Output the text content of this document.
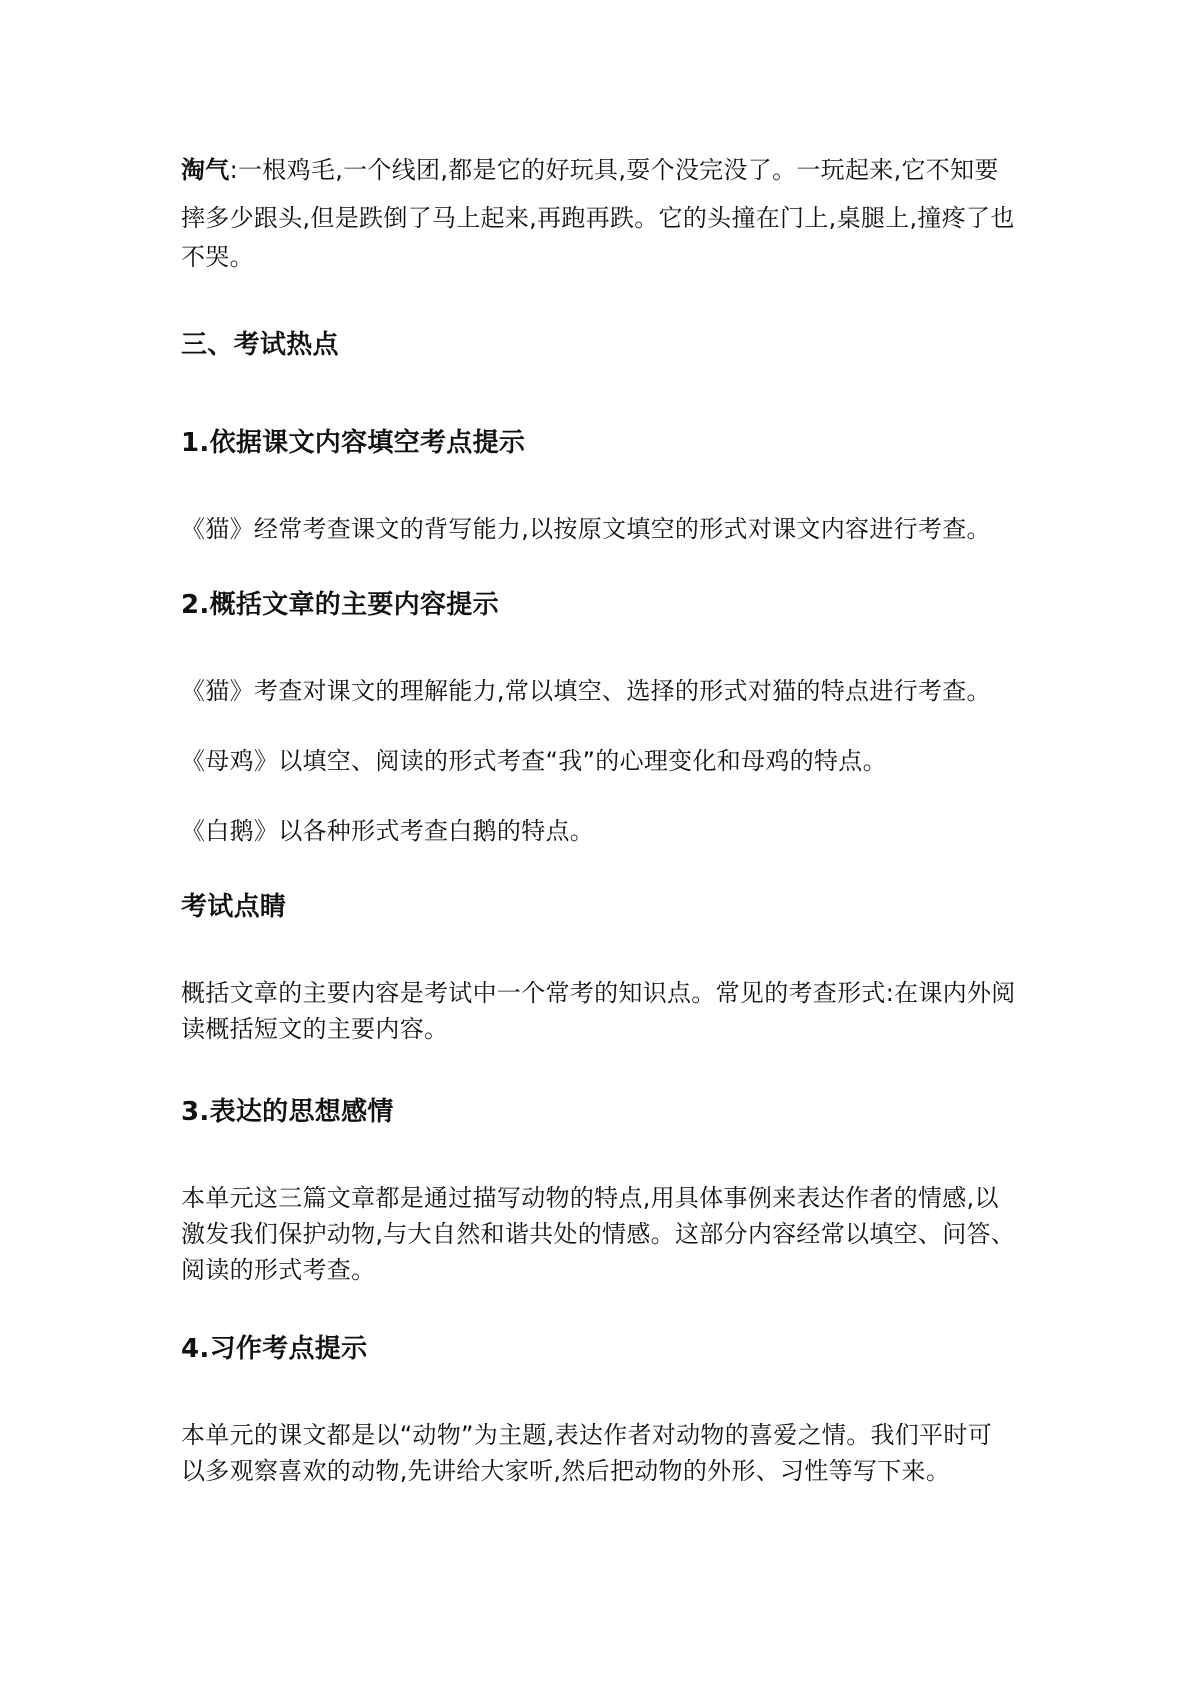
淘气:一根鸡毛,一个线团,都是它的好玩具,耍个没完没了。一玩起来,它不知要
摔多少跟头,但是跌倒了马上起来,再跑再跌。它的头撞在门上,桌腿上,撞疼了也
不哭。
三、考试热点
1.依据课文内容填空考点提示
《猫》经常考查课文的背写能力,以按原文填空的形式对课文内容进行考查。
2.概括文章的主要内容提示
《猫》考查对课文的理解能力,常以填空、选择的形式对猫的特点进行考查。
《母鸡》以填空、阅读的形式考查“我”的心理变化和母鸡的特点。
《白鹅》以各种形式考查白鹅的特点。
考试点睛
概括文章的主要内容是考试中一个常考的知识点。常见的考查形式:在课内外阅
读概括短文的主要内容。
3.表达的思想感情
本单元这三篇文章都是通过描写动物的特点,用具体事例来表达作者的情感,以
激发我们保护动物,与大自然和谐共处的情感。这部分内容经常以填空、问答、
阅读的形式考查。
4.习作考点提示
本单元的课文都是以“动物”为主题,表达作者对动物的喜爱之情。我们平时可
以多观察喜欢的动物,先讲给大家听,然后把动物的外形、习性等写下来。
